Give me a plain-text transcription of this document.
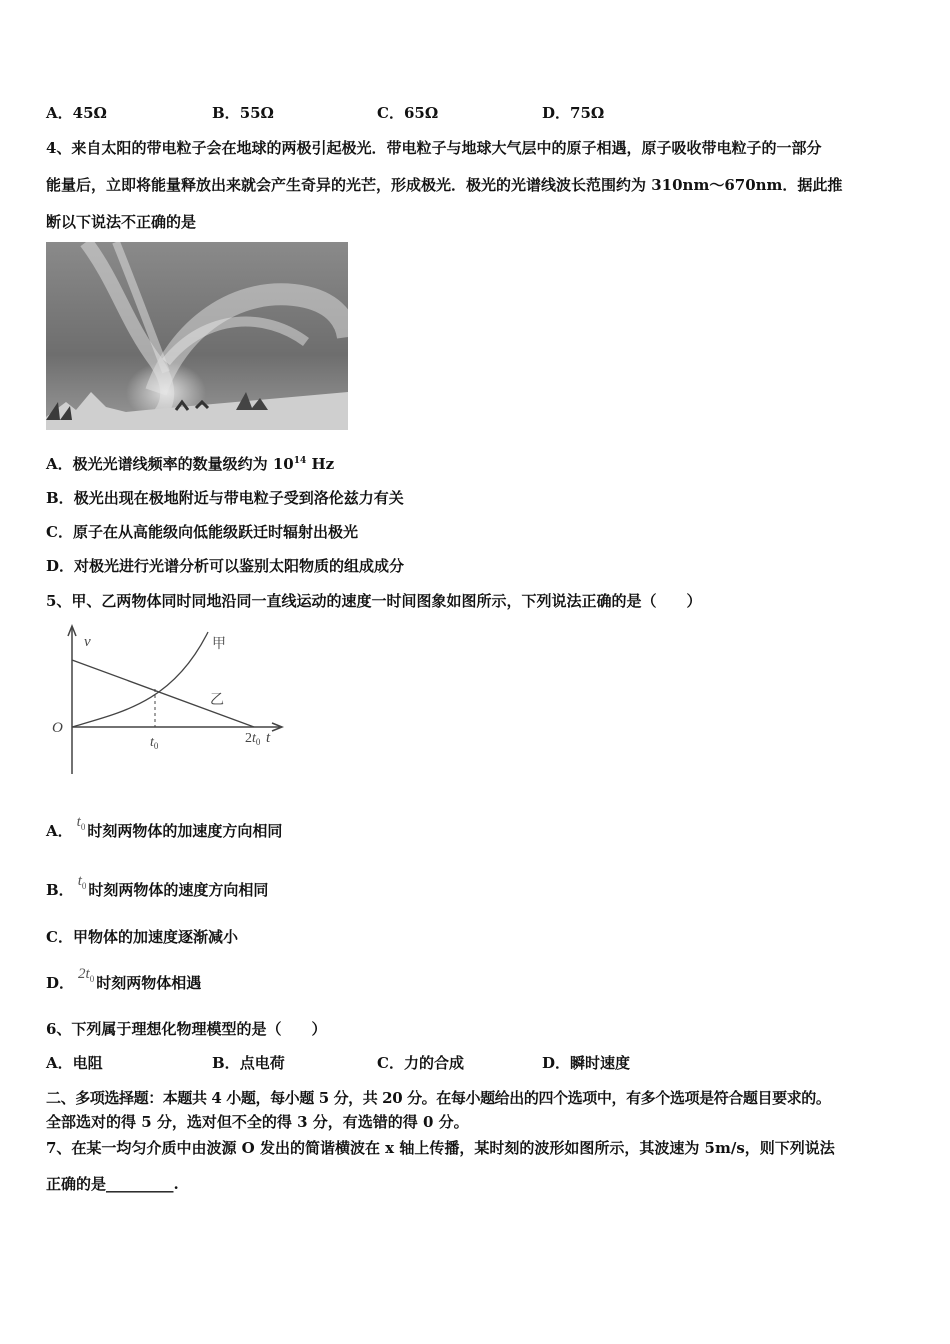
A．45Ω	B．55Ω	C．65Ω	D．75Ω
4、来自太阳的带电粒子会在地球的两极引起极光．带电粒子与地球大气层中的原子相遇，原子吸收带电粒子的一部分
能量后，立即将能量释放出来就会产生奇异的光芒，形成极光．极光的光谱线波长范围约为 310nm～670nm．据此推
断以下说法不正确的是
A．极光光谱线频率的数量级约为 $10^{14}$ Hz
B．极光出现在极地附近与带电粒子受到洛伦兹力有关
C．原子在从高能级向低能级跃迁时辐射出极光
D．对极光进行光谱分析可以鉴别太阳物质的组成成分
5、甲、乙两物体同时同地沿同一直线运动的速度一时间图象如图所示，下列说法正确的是（　　）
v
t
O
甲
乙
$t_0$	$2t_0$
A． $t_0$ 时刻两物体的加速度方向相同
B． $t_0$ 时刻两物体的速度方向相同
C．甲物体的加速度逐渐减小
D． $2t_0$ 时刻两物体相遇
6、下列属于理想化物理模型的是（　　）
A．电阻	B．点电荷	C．力的合成	D．瞬时速度
二、多项选择题：本题共 4 小题，每小题 5 分，共 20 分。在每小题给出的四个选项中，有多个选项是符合题目要求的。
全部选对的得 5 分，选对但不全的得 3 分，有选错的得 0 分。
7、在某一均匀介质中由波源 O 发出的简谐横波在 x 轴上传播，某时刻的波形如图所示，其波速为 5m/s，则下列说法
正确的是_________.
